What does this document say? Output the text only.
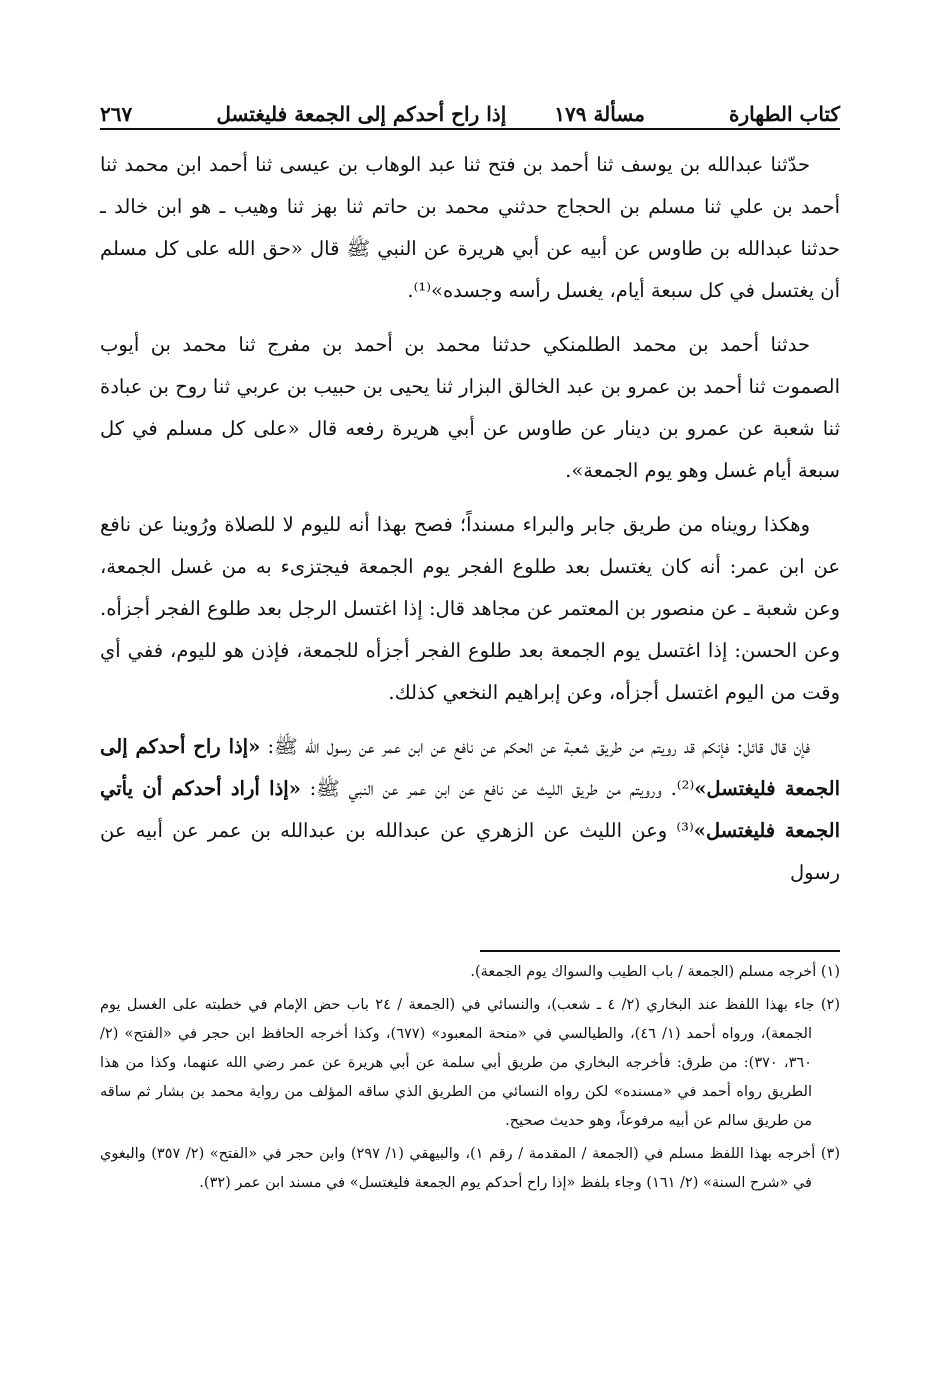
كتاب الطهارة
مسألة ١٧٩
إذا راح أحدكم إلى الجمعة فليغتسل
٢٦٧

حدّثنا عبدالله بن يوسف ثنا أحمد بن فتح ثنا عبد الوهاب بن عيسى ثنا أحمد ابن محمد ثنا أحمد بن علي ثنا مسلم بن الحجاج حدثني محمد بن حاتم ثنا بهز ثنا وهيب ـ هو ابن خالد ـ حدثنا عبدالله بن طاوس عن أبيه عن أبي هريرة عن النبي ﷺ قال «حق الله على كل مسلم أن يغتسل في كل سبعة أيام، يغسل رأسه وجسده»⁽¹⁾.

حدثنا أحمد بن محمد الطلمنكي حدثنا محمد بن أحمد بن مفرج ثنا محمد بن أيوب الصموت ثنا أحمد بن عمرو بن عبد الخالق البزار ثنا يحيى بن حبيب بن عربي ثنا روح بن عبادة ثنا شعبة عن عمرو بن دينار عن طاوس عن أبي هريرة رفعه قال «على كل مسلم في كل سبعة أيام غسل وهو يوم الجمعة».

وهكذا رويناه من طريق جابر والبراء مسنداً؛ فصح بهذا أنه لليوم لا للصلاة ورُوينا عن نافع عن ابن عمر: أنه كان يغتسل بعد طلوع الفجر يوم الجمعة فيجتزىء به من غسل الجمعة، وعن شعبة ـ عن منصور بن المعتمر عن مجاهد قال: إذا اغتسل الرجل بعد طلوع الفجر أجزأه. وعن الحسن: إذا اغتسل يوم الجمعة بعد طلوع الفجر أجزأه للجمعة، فإذن هو لليوم، ففي أي وقت من اليوم اغتسل أجزأه، وعن إبراهيم النخعي كذلك.

فإن قال قائل: فإنكم قد رويتم من طريق شعبة عن الحكم عن نافع عن ابن عمر عن رسول الله ﷺ: «إذا راح أحدكم إلى الجمعة فليغتسل»⁽²⁾. ورويتم من طريق الليث عن نافع عن ابن عمر عن النبي ﷺ: «إذا أراد أحدكم أن يأتي الجمعة فليغتسل»⁽³⁾ وعن الليث عن الزهري عن عبدالله بن عبدالله بن عمر عن أبيه عن رسول

(١) أخرجه مسلم (الجمعة / باب الطيب والسواك يوم الجمعة).

(٢) جاء بهذا اللفظ عند البخاري (٢/ ٤ ـ شعب)، والنسائي في (الجمعة / ٢٤ باب حض الإمام في خطبته على الغسل يوم الجمعة)، ورواه أحمد (١/ ٤٦)، والطيالسي في «منحة المعبود» (٦٧٧)، وكذا أخرجه الحافظ ابن حجر في «الفتح» (٢/ ٣٦٠، ٣٧٠): من طرق: فأخرجه البخاري من طريق أبي سلمة عن أبي هريرة عن عمر رضي الله عنهما، وكذا من هذا الطريق رواه أحمد في «مسنده» لكن رواه النسائي من الطريق الذي ساقه المؤلف من رواية محمد بن بشار ثم ساقه من طريق سالم عن أبيه مرفوعاً، وهو حديث صحيح.

(٣) أخرجه بهذا اللفظ مسلم في (الجمعة / المقدمة / رقم ١)، والبيهقي (١/ ٢٩٧) وابن حجر في «الفتح» (٢/ ٣٥٧) والبغوي في «شرح السنة» (٢/ ١٦١) وجاء بلفظ «إذا راح أحدكم يوم الجمعة فليغتسل» في مسند ابن عمر (٣٢).
